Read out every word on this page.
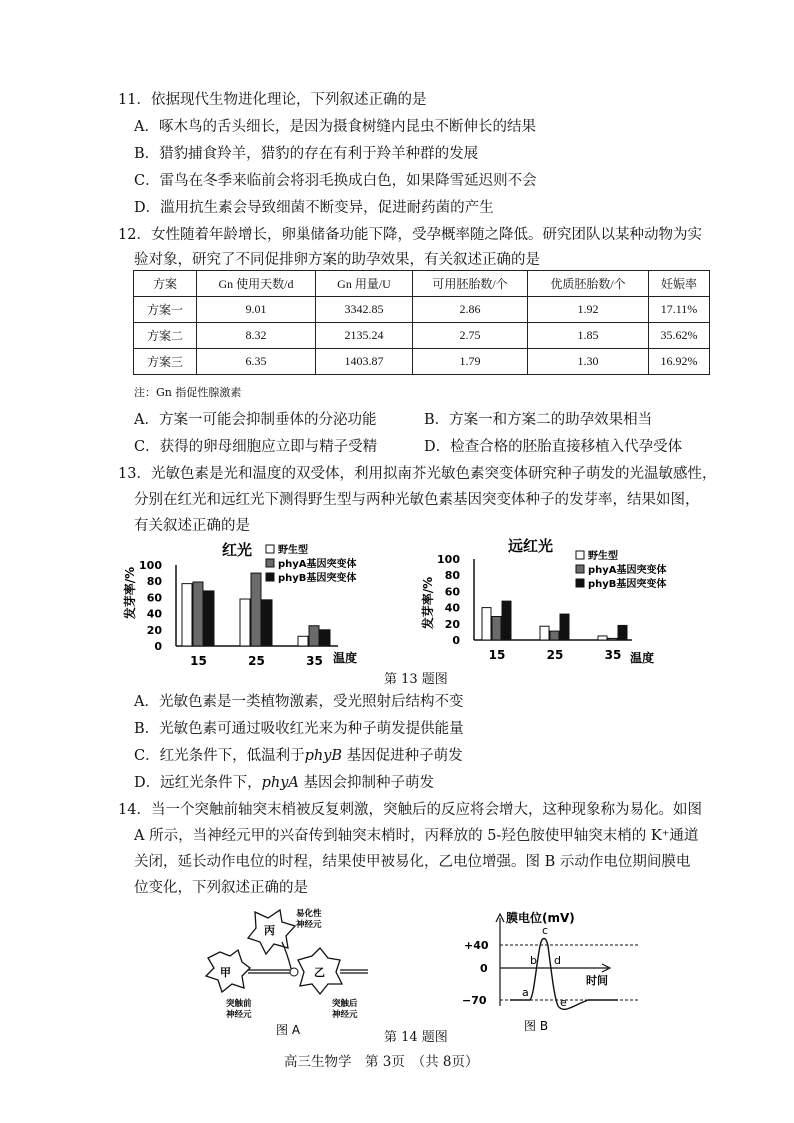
11．依据现代生物进化理论，下列叙述正确的是
A．啄木鸟的舌头细长，是因为摄食树缝内昆虫不断伸长的结果
B．猎豹捕食羚羊，猎豹的存在有利于羚羊种群的发展
C．雷鸟在冬季来临前会将羽毛换成白色，如果降雪延迟则不会
D．滥用抗生素会导致细菌不断变异，促进耐药菌的产生
12．女性随着年龄增长，卵巢储备功能下降，受孕概率随之降低。研究团队以某种动物为实
验对象，研究了不同促排卵方案的助孕效果，有关叙述正确的是
方案	Gn 使用天数/d	Gn 用量/U	可用胚胎数/个	优质胚胎数/个	妊娠率
方案一	9.01	3342.85	2.86	1.92	17.11%
方案二	8.32	2135.24	2.75	1.85	35.62%
方案三	6.35	1403.87	1.79	1.30	16.92%
注：Gn 指促性腺激素
A．方案一可能会抑制垂体的分泌功能	B．方案一和方案二的助孕效果相当
C．获得的卵母细胞应立即与精子受精	D．检查合格的胚胎直接移植入代孕受体
13．光敏色素是光和温度的双受体，利用拟南芥光敏色素突变体研究种子萌发的光温敏感性，
分别在红光和远红光下测得野生型与两种光敏色素基因突变体种子的发芽率，结果如图，
有关叙述正确的是
红光
发芽率/%
0
20
40
60
80
100
15	25	35 温度
野生型
phyA基因突变体
phyB基因突变体
远红光
发芽率/%
0
20
40
60
80
100
15	25	35 温度
野生型
phyA基因突变体
phyB基因突变体
第 13 题图
A．光敏色素是一类植物激素，受光照射后结构不变
B．光敏色素可通过吸收红光来为种子萌发提供能量
C．红光条件下，低温利于phyB 基因促进种子萌发
D．远红光条件下，phyA 基因会抑制种子萌发
14．当一个突触前轴突末梢被反复刺激，突触后的反应将会增大，这种现象称为易化。如图
A 所示，当神经元甲的兴奋传到轴突末梢时，丙释放的 5-羟色胺使甲轴突末梢的 K⁺通道
关闭，延长动作电位的时程，结果使甲被易化，乙电位增强。图 B 示动作电位期间膜电
位变化，下列叙述正确的是
丙
易化性
神经元
甲	乙
突触前
神经元
突触后
神经元
图 A	第 14 题图
膜电位(mV)
时间
+40
0
−70
a
b
c
d
e
图 B
高三生物学　第 3页　（共 8页）
